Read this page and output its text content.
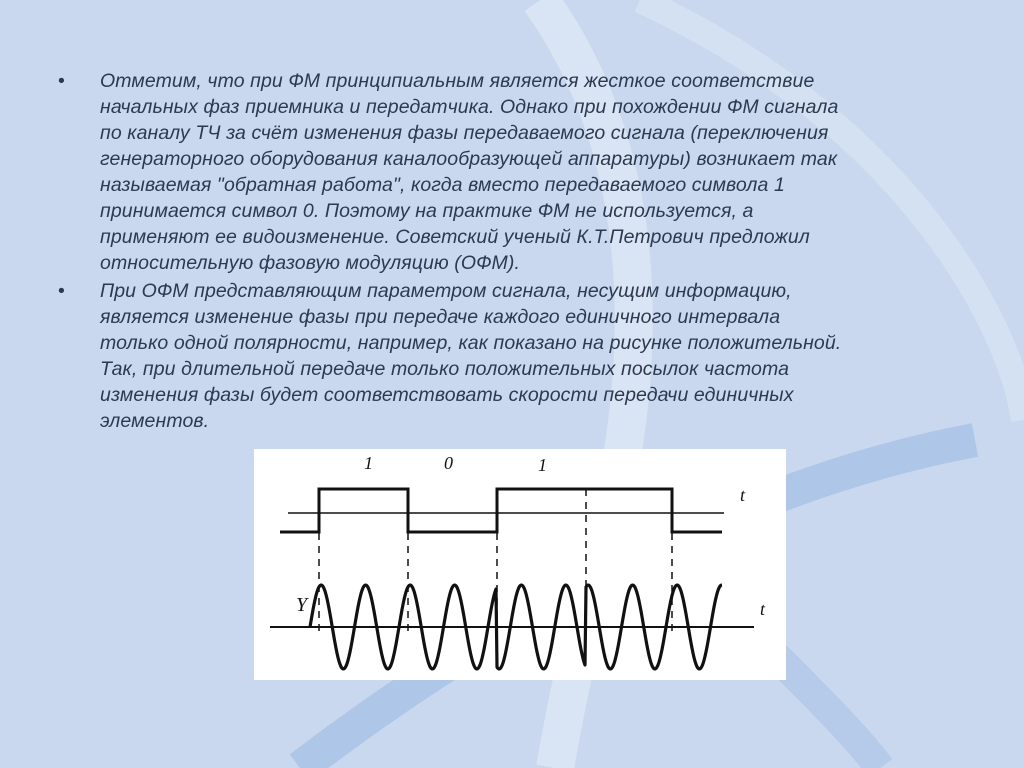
• Отметим, что при ФМ принципиальным является жесткое соответствие
начальных фаз приемника и передатчика. Однако при похождении ФМ сигнала
по каналу ТЧ за счёт изменения фазы передаваемого сигнала (переключения
генераторного оборудования каналообразующей аппаратуры) возникает так
называемая "обратная работа", когда вместо передаваемого символа 1
принимается символ 0. Поэтому на практике ФМ не используется, а
применяют ее видоизменение. Советский ученый К.Т.Петрович предложил
относительную фазовую модуляцию (ОФМ).
• При ОФМ представляющим параметром сигнала, несущим информацию,
является изменение фазы при передаче каждого единичного интервала
только одной полярности, например, как показано на рисунке положительной.
Так, при длительной передаче только положительных посылок частота
изменения фазы будет соответствовать скорости передачи единичных
элементов.
1	0	1
t
t
Y
